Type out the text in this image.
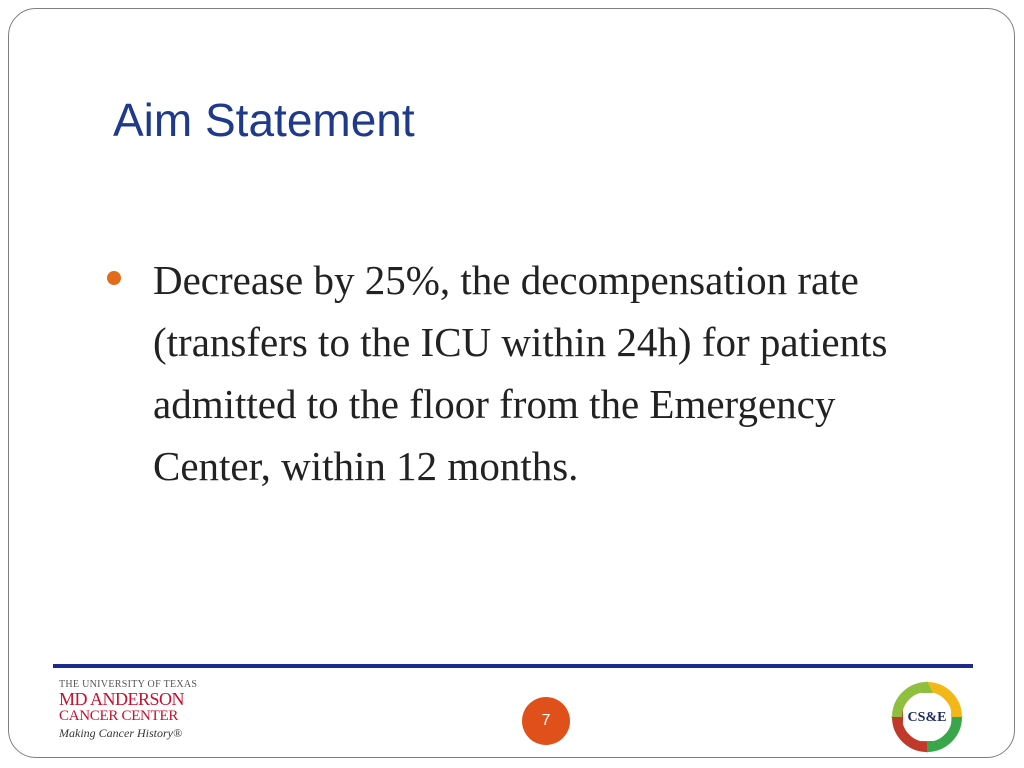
Aim Statement
Decrease by 25%, the decompensation rate (transfers to the ICU within 24h) for patients admitted to the floor from the Emergency Center, within 12 months.
THE UNIVERSITY OF TEXAS
MD ANDERSON
CANCER CENTER
Making Cancer History®
7	CS&E
